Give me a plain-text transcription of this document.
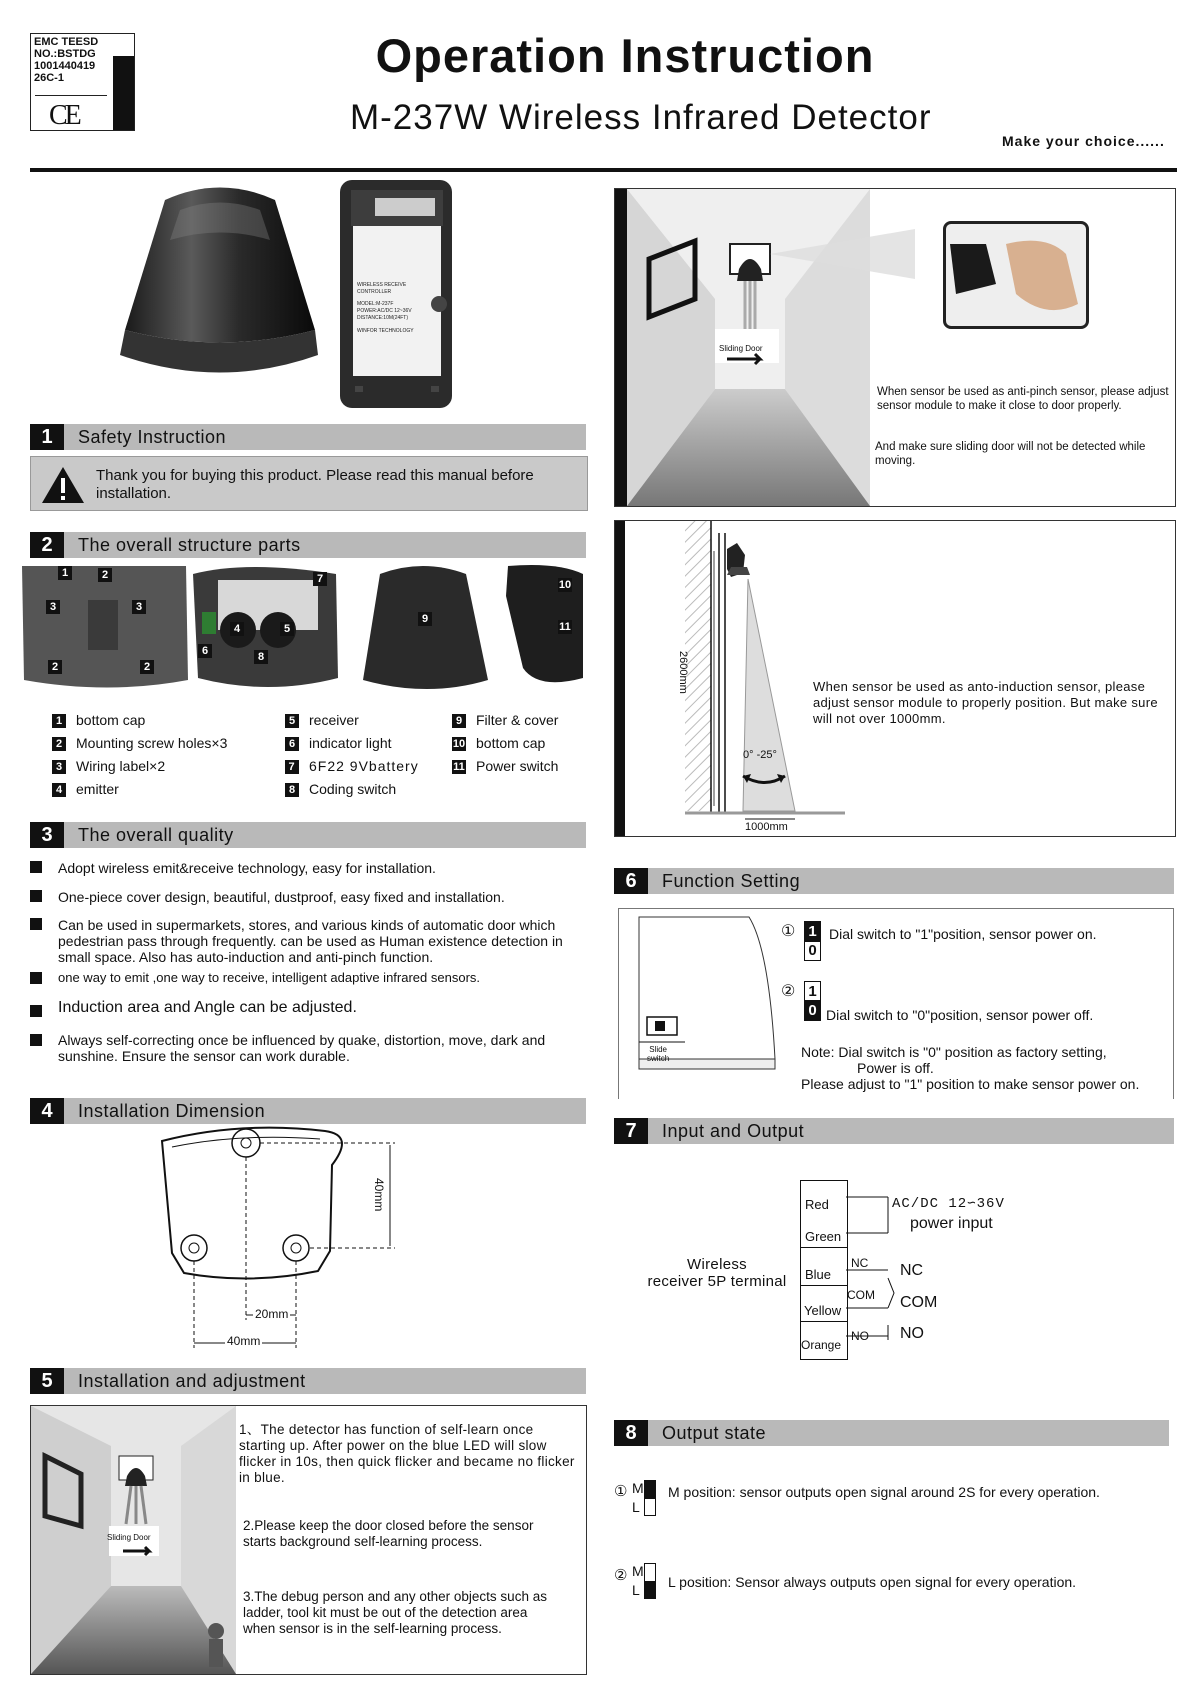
EMC TEESD
NO.:BSTDG
1001440419
26C-1
CE
Operation Instruction
M-237W Wireless Infrared Detector
Make your choice......
WIRELESS RECEIVE
CONTROLLER
MODEL:M-237F
POWER:AC/DC 12~36V
DISTANCE:10M(24FT)
WINFOR TECHNOLOGY
1	Safety Instruction
Thank you for buying this product. Please read this manual before installation.
2	The overall structure parts
1	2
3	3
2	2
7
4	5
6	8
9
10
11
1 bottom cap
2 Mounting screw holes×3
3 Wiring label×2
4 emitter
5 receiver
6 indicator light
7 6F22 9Vbattery
8 Coding switch
9 Filter & cover
10 bottom cap
11 Power switch
3	The overall quality
Adopt wireless emit&receive technology, easy for installation.
One-piece cover design, beautiful, dustproof, easy fixed and installation.
Can be used in supermarkets, stores, and various kinds of automatic door which pedestrian pass through frequently. can be used as Human existence detection in small space. Also has auto-induction and anti-pinch function.
one way to emit ,one way to receive, intelligent adaptive infrared sensors.
Induction area and Angle can be adjusted.
Always self-correcting once be influenced by quake, distortion, move, dark and sunshine. Ensure the sensor can work durable.
4	Installation Dimension
40mm
20mm
40mm
5	Installation and adjustment
Sliding Door
1、The detector has function of self-learn once starting up. After power on the blue LED will slow flicker in 10s, then quick flicker and became no flicker in blue.
2.Please keep the door closed before the sensor starts background self-learning process.
3.The debug person and any other objects such as ladder, tool kit must be out of the detection area when sensor is in the self-learning process.
Sliding Door
When sensor be used as anti-pinch sensor, please adjust sensor module to make it close to door properly.
And make sure sliding door will not be detected while moving.
2600mm
0° -25°
1000mm
When sensor be used as anto-induction sensor, please adjust sensor module to properly position. But make sure will not over 1000mm.
6	Function Setting
Slide
switch
① 1
0
Dial switch to "1"position, sensor power on.
② 1
0 Dial switch to "0"position, sensor power off.
Note: Dial switch is "0" position as factory setting,
Power is off.
Please adjust to "1" position to make sensor power on.
7	Input and Output
Wireless
receiver 5P terminal
Red
Green
Blue
Yellow
Orange
AC/DC 12∽36V
power input
NC
COM
NO
NC
COM
NO
8	Output state
① M
L
M position: sensor outputs open signal around 2S for every operation.
② M
L L position: Sensor always outputs open signal for every operation.
